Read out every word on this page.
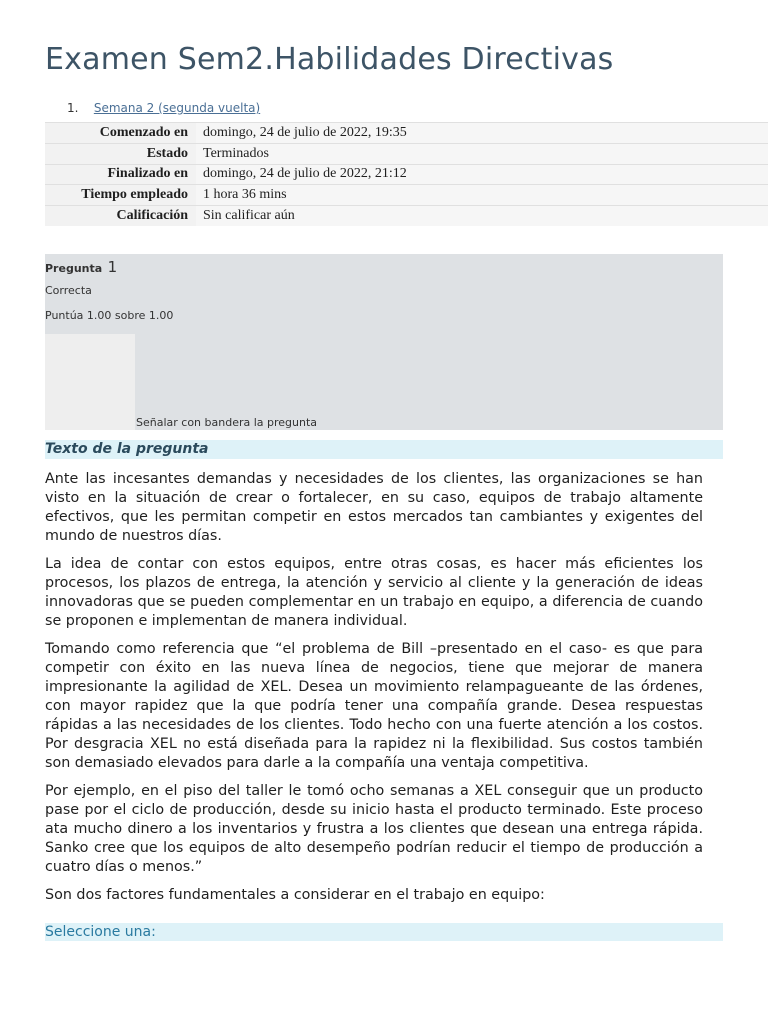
Examen Sem2.Habilidades Directivas
1. Semana 2 (segunda vuelta)
Comenzado en	domingo, 24 de julio de 2022, 19:35
Estado	Terminados
Finalizado en	domingo, 24 de julio de 2022, 21:12
Tiempo empleado	1 hora 36 mins
Calificación	Sin calificar aún
Pregunta 1
Correcta
Puntúa 1.00 sobre 1.00
Señalar con bandera la pregunta
Texto de la pregunta

Ante las incesantes demandas y necesidades de los clientes, las organizaciones se han visto en la situación de crear o fortalecer, en su caso, equipos de trabajo altamente efectivos, que les permitan competir en estos mercados tan cambiantes y exigentes del mundo de nuestros días.

La idea de contar con estos equipos, entre otras cosas, es hacer más eficientes los procesos, los plazos de entrega, la atención y servicio al cliente y la generación de ideas innovadoras que se pueden complementar en un trabajo en equipo, a diferencia de cuando se proponen e implementan de manera individual.

Tomando como referencia que “el problema de Bill –presentado en el caso- es que para competir con éxito en las nueva línea de negocios, tiene que mejorar de manera impresionante la agilidad de XEL. Desea un movimiento relampagueante de las órdenes, con mayor rapidez que la que podría tener una compañía grande. Desea respuestas rápidas a las necesidades de los clientes. Todo hecho con una fuerte atención a los costos. Por desgracia XEL no está diseñada para la rapidez ni la flexibilidad. Sus costos también son demasiado elevados para darle a la compañía una ventaja competitiva.

Por ejemplo, en el piso del taller le tomó ocho semanas a XEL conseguir que un producto pase por el ciclo de producción, desde su inicio hasta el producto terminado. Este proceso ata mucho dinero a los inventarios y frustra a los clientes que desean una entrega rápida. Sanko cree que los equipos de alto desempeño podrían reducir el tiempo de producción a cuatro días o menos.”

Son dos factores fundamentales a considerar en el trabajo en equipo:

Seleccione una:
